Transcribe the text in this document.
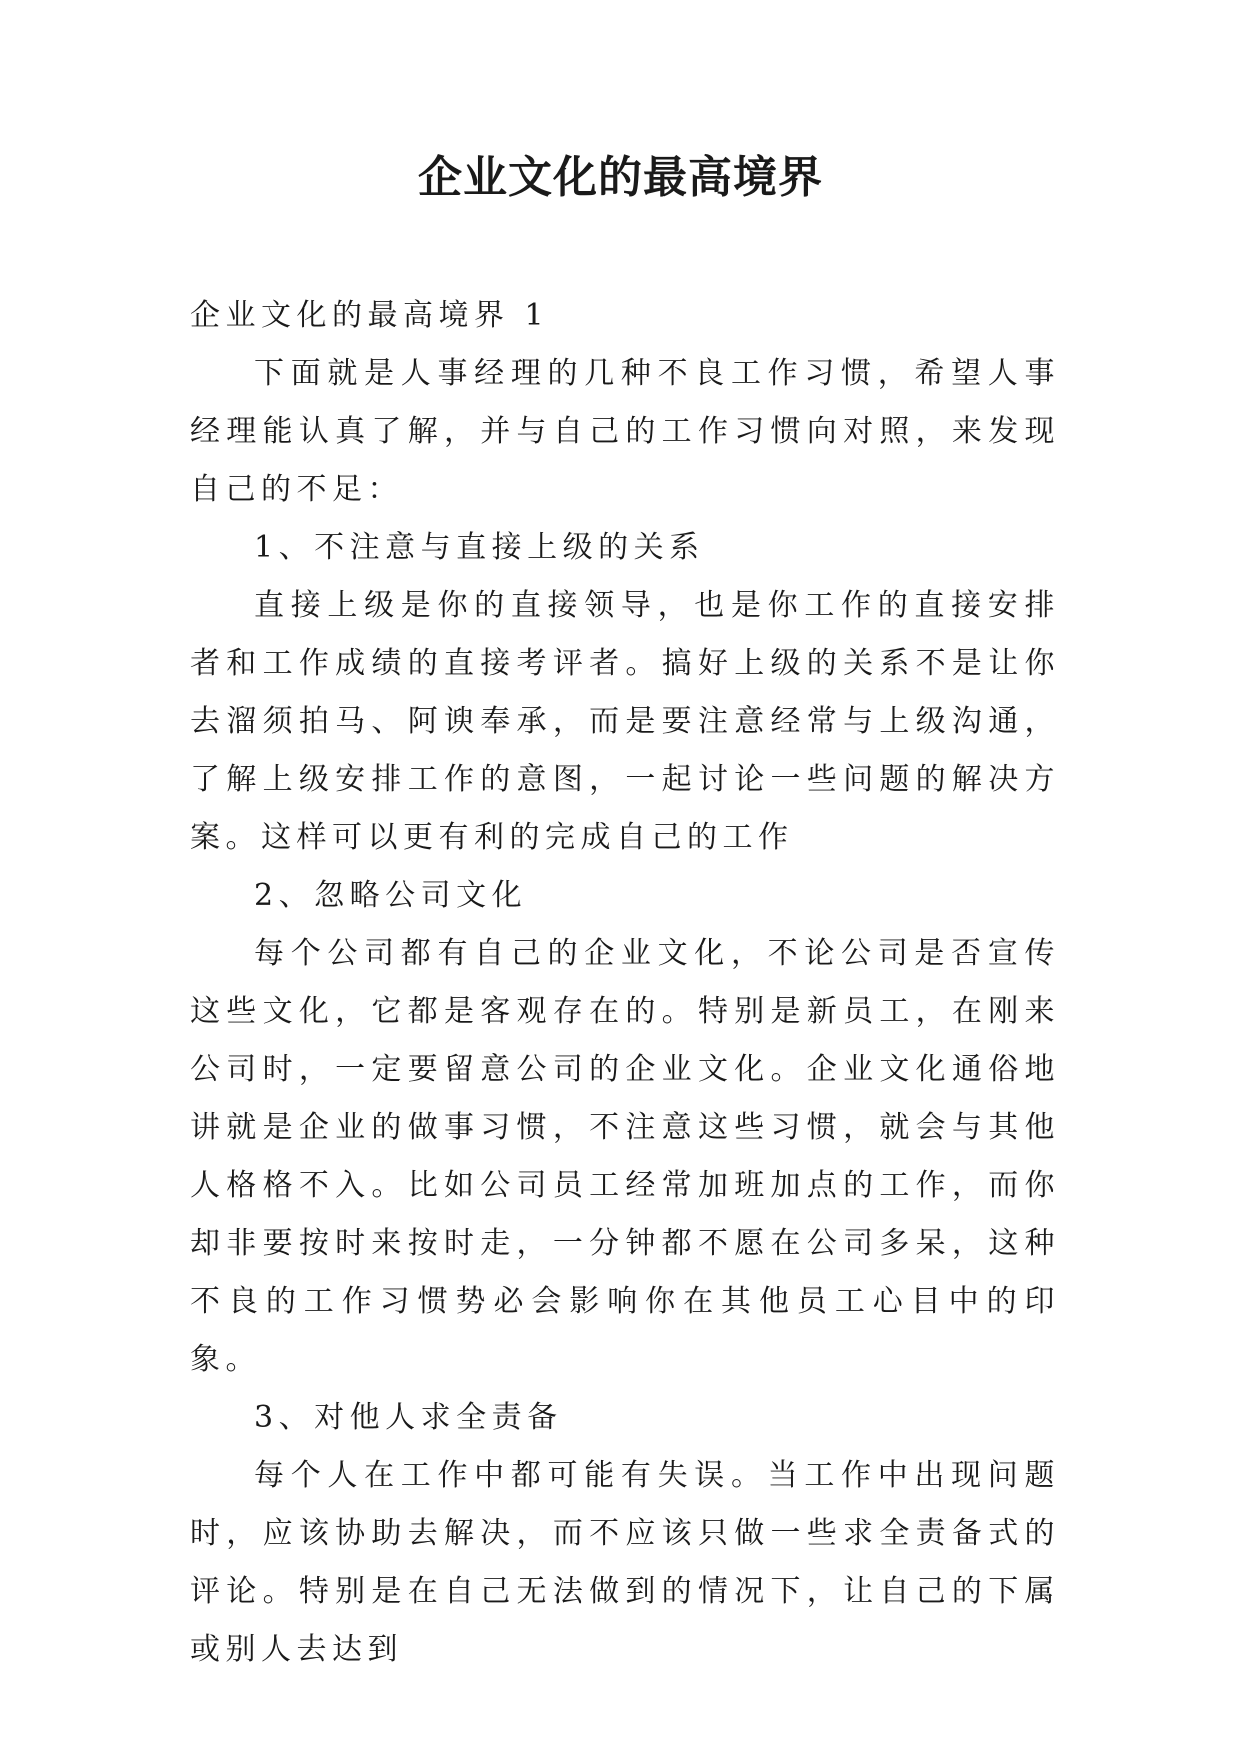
企业文化的最高境界

企业文化的最高境界 1

下面就是人事经理的几种不良工作习惯，希望人事经理能认真了解，并与自己的工作习惯向对照，来发现自己的不足：

1、不注意与直接上级的关系

直接上级是你的直接领导，也是你工作的直接安排者和工作成绩的直接考评者。搞好上级的关系不是让你去溜须拍马、阿谀奉承，而是要注意经常与上级沟通，了解上级安排工作的意图，一起讨论一些问题的解决方案。这样可以更有利的完成自己的工作

2、忽略公司文化

每个公司都有自己的企业文化，不论公司是否宣传这些文化，它都是客观存在的。特别是新员工，在刚来公司时，一定要留意公司的企业文化。企业文化通俗地讲就是企业的做事习惯，不注意这些习惯，就会与其他人格格不入。比如公司员工经常加班加点的工作，而你却非要按时来按时走，一分钟都不愿在公司多呆，这种不良的工作习惯势必会影响你在其他员工心目中的印象。

3、对他人求全责备

每个人在工作中都可能有失误。当工作中出现问题时，应该协助去解决，而不应该只做一些求全责备式的评论。特别是在自己无法做到的情况下，让自己的下属或别人去达到
